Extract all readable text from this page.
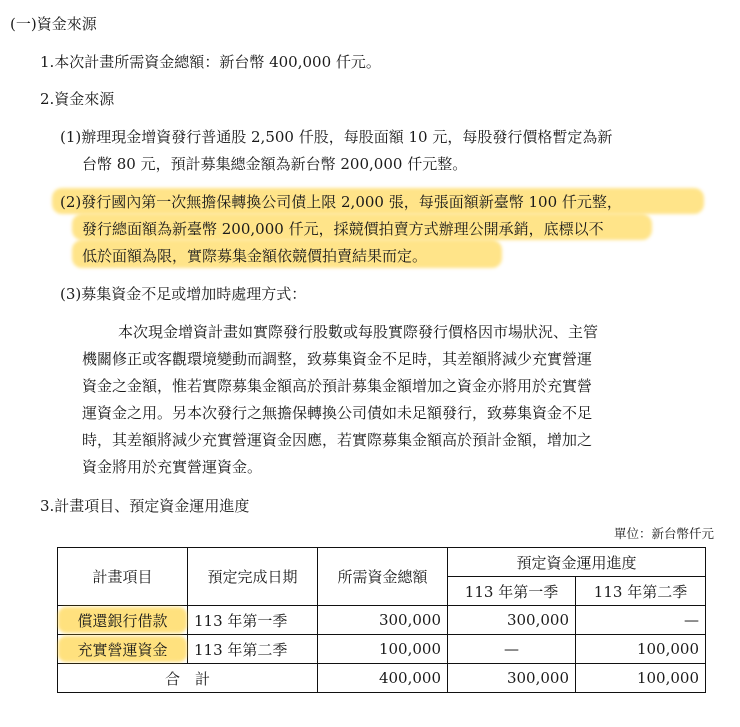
(一)資金來源
1.本次計畫所需資金總額：新台幣 400,000 仟元。
2.資金來源
(1)辦理現金增資發行普通股 2,500 仟股，每股面額 10 元，每股發行價格暫定為新
台幣 80 元，預計募集總金額為新台幣 200,000 仟元整。
(2)發行國內第一次無擔保轉換公司債上限 2,000 張，每張面額新臺幣 100 仟元整，
發行總面額為新臺幣 200,000 仟元，採競價拍賣方式辦理公開承銷，底標以不
低於面額為限，實際募集金額依競價拍賣結果而定。
(3)募集資金不足或增加時處理方式：
本次現金增資計畫如實際發行股數或每股實際發行價格因市場狀況、主管
機關修正或客觀環境變動而調整，致募集資金不足時，其差額將減少充實營運
資金之金額，惟若實際募集金額高於預計募集金額增加之資金亦將用於充實營
運資金之用。另本次發行之無擔保轉換公司債如未足額發行，致募集資金不足
時，其差額將減少充實營運資金因應，若實際募集金額高於預計金額，增加之
資金將用於充實營運資金。
3.計畫項目、預定資金運用進度
單位：新台幣仟元
計畫項目	預定完成日期	所需資金總額	預定資金運用進度	
			113 年第一季	113 年第二季

償還銀行借款	113 年第一季	300,000	300,000	—

充實營運資金	113 年第二季	100,000	—	100,000
合　計		400,000	300,000	100,000
